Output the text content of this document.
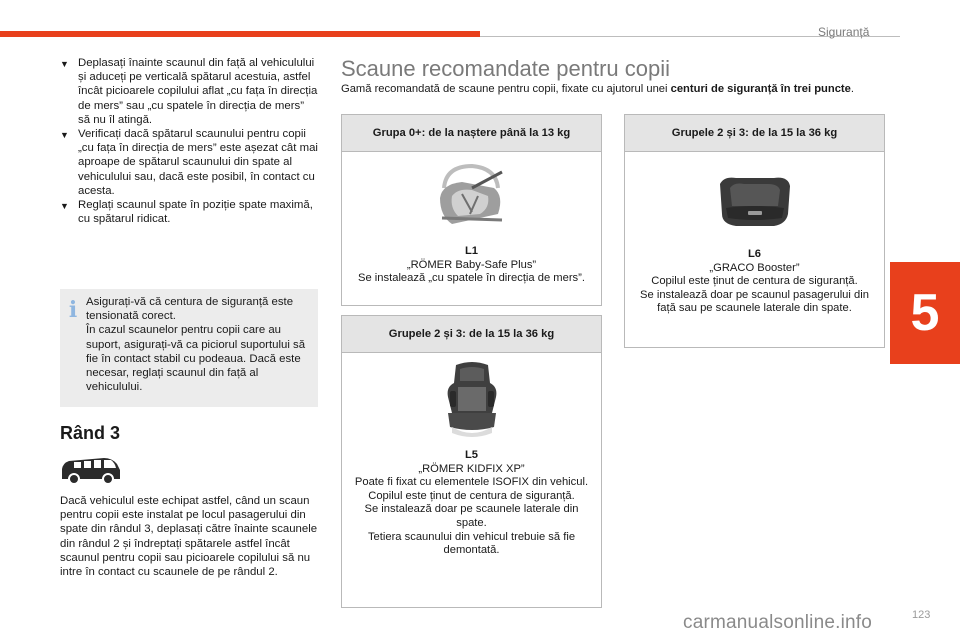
Siguranță
5
▼ Deplasați înainte scaunul din față al vehiculului și aduceți pe verticală spătarul acestuia, astfel încât picioarele copilului aflat „cu fața în direcția de mers” sau „cu spatele în direcția de mers” să nu îl atingă.
▼ Verificați dacă spătarul scaunului pentru copii „cu fața în direcția de mers” este așezat cât mai aproape de spătarul scaunului din spate al vehiculului sau, dacă este posibil, în contact cu acesta.
▼ Reglați scaunul spate în poziție spate maximă, cu spătarul ridicat.
i Asigurați-vă că centura de siguranță este tensionată corect.
În cazul scaunelor pentru copii care au suport, asigurați-vă ca piciorul suportului să fie în contact stabil cu podeaua. Dacă este necesar, reglați scaunul din față al vehiculului.
Rând 3
Dacă vehiculul este echipat astfel, când un scaun pentru copii este instalat pe locul pasagerului din spate din rândul 3, deplasați către înainte scaunele din rândul 2 și îndreptați spătarele astfel încât scaunul pentru copii sau picioarele copilului să nu intre în contact cu scaunele de pe rândul 2.
Scaune recomandate pentru copii

Gamă recomandată de scaune pentru copii, fixate cu ajutorul unei centuri de siguranță în trei puncte.

Grupa 0+: de la naștere până la 13 kg
L1
„RÖMER Baby-Safe Plus”
Se instalează „cu spatele în direcția de mers”.
Grupele 2 și 3: de la 15 la 36 kg
L5
„RÖMER KIDFIX XP”
Poate fi fixat cu elementele ISOFIX din vehicul.
Copilul este ținut de centura de siguranță.
Se instalează doar pe scaunele laterale din spate.
Tetiera scaunului din vehicul trebuie să fie demontată.
Grupele 2 și 3: de la 15 la 36 kg
L6
„GRACO Booster”
Copilul este ținut de centura de siguranță.
Se instalează doar pe scaunul pasagerului din față sau pe scaunele laterale din spate.
carmanualsonline.info	123
